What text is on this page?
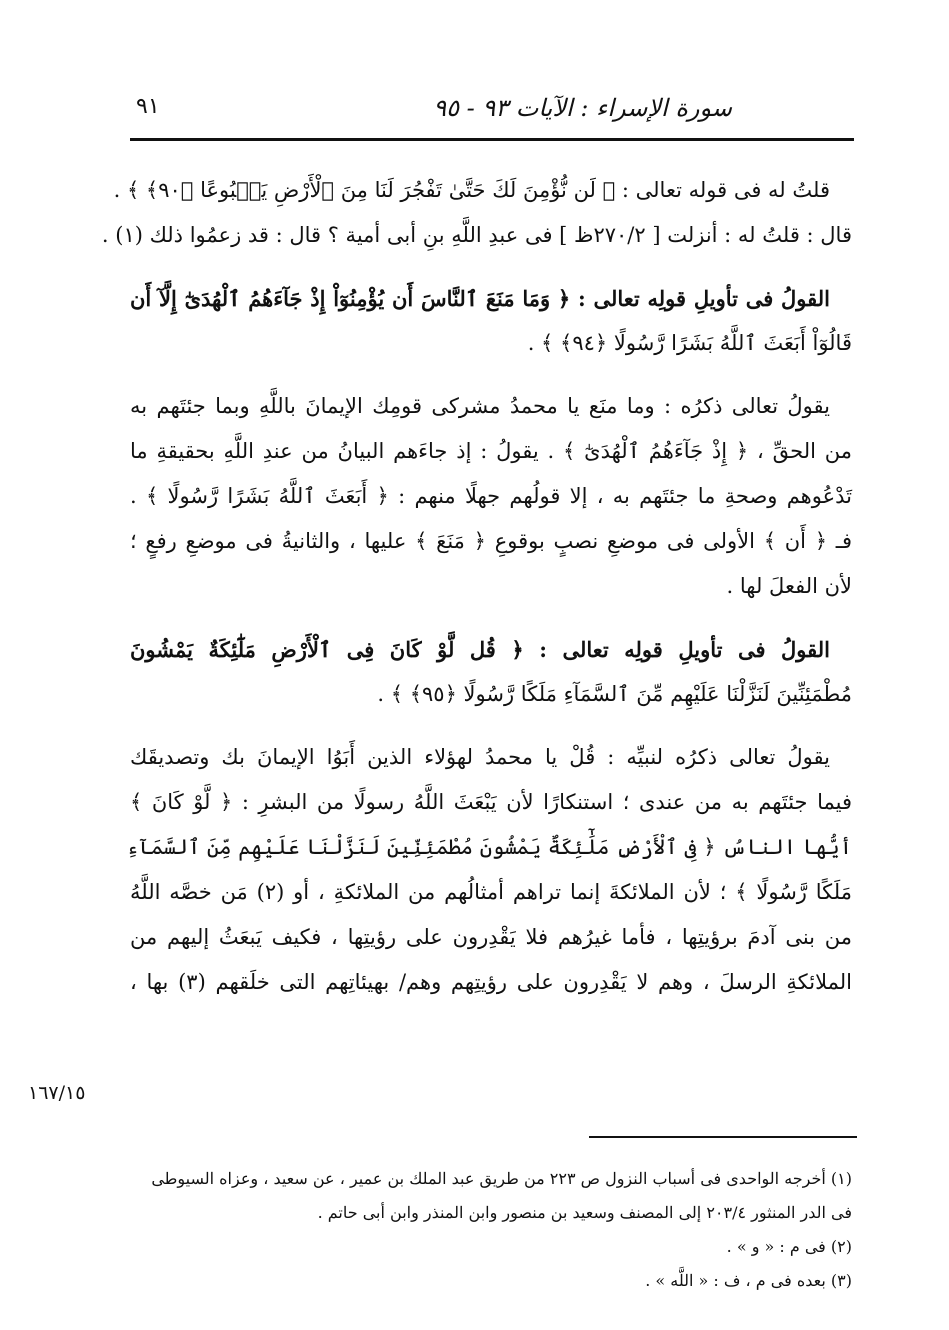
سورة الإسراء : الآيات ٩٣ - ٩٥
٩١
قلتُ له فى قوله تعالى : ﴿ لَن نُّؤْمِنَ لَكَ حَتَّىٰ تَفْجُرَ لَنَا مِنَ ٱلْأَرْضِ يَنۢبُوعًا ﴿٩٠﴾ ﴾ .
قال : قلتُ له : أنزلت [ ٢٧٠/٢ظ ] فى عبدِ اللَّهِ بنِ أبى أمية ؟ قال : قد زعمُوا ذلك (١) .
القولُ فى تأويلِ قولِه تعالى : ﴿ وَمَا مَنَعَ ٱلنَّاسَ أَن يُؤْمِنُوٓاْ إِذْ جَآءَهُمُ ٱلْهُدَىٰٓ إِلَّآ أَن
قَالُوٓاْ أَبَعَثَ ٱللَّهُ بَشَرًا رَّسُولًا ﴿٩٤﴾ ﴾ .
يقولُ تعالى ذكرُه : وما منَع يا محمدُ مشركى قومِك الإيمانَ باللَّهِ وبما جئتَهم به
من الحقِّ ، ﴿ إِذْ جَآءَهُمُ ٱلْهُدَىٰٓ ﴾ . يقولُ : إذ جاءَهم البيانُ من عندِ اللَّهِ بحقيقةِ ما
تَدْعُوهم وصحةِ ما جئتَهم به ، إلا قولُهم جهلًا منهم : ﴿ أَبَعَثَ ٱللَّهُ بَشَرًا رَّسُولًا ﴾ .
فـ ﴿ أَن ﴾ الأولى فى موضعِ نصبٍ بوقوعِ ﴿ مَنَعَ ﴾ عليها ، والثانيةُ فى موضعِ رفعٍ ؛
لأن الفعلَ لها .
القولُ فى تأويلِ قولِه تعالى : ﴿ قُل لَّوْ كَانَ فِى ٱلْأَرْضِ مَلَٰٓئِكَةٌ يَمْشُونَ
مُطْمَئِنِّينَ لَنَزَّلْنَا عَلَيْهِم مِّنَ ٱلسَّمَآءِ مَلَكًا رَّسُولًا ﴿٩٥﴾ ﴾ .
يقولُ تعالى ذكرُه لنبيِّه : قُلْ يا محمدُ لهؤلاء الذين أَبَوُا الإيمانَ بك وتصديقَك
فيما جئتَهم به من عندى ؛ استنكارًا لأن يَبْعَثَ اللَّهُ رسولًا من البشرِ : ﴿ لَّوْ كَانَ ﴾
أيُّها الناسُ ﴿ فِى ٱلْأَرْضِ مَلَٰٓئِكَةٌ يَمْشُونَ مُطْمَئِنِّينَ لَنَزَّلْنَا عَلَيْهِم مِّنَ ٱلسَّمَآءِ
مَلَكًا رَّسُولًا ﴾ ؛ لأن الملائكةَ إنما تراهم أمثالُهم من الملائكةِ ، أو (٢) مَن خصَّه اللَّهُ
من بنى آدمَ برؤيتِها ، فأما غيرُهم فلا يَقْدِرون على رؤيتِها ، فكيف يَبعَثُ إليهم من
الملائكةِ الرسلَ ، وهم لا يَقْدِرون على رؤيتِهم وهم/ بهيئاتِهم التى خلَقهم (٣) بها ،
١٦٧/١٥
(١) أخرجه الواحدى فى أسباب النزول ص ٢٢٣ من طريق عبد الملك بن عمير ، عن سعيد ، وعزاه السيوطى
فى الدر المنثور ٢٠٣/٤ إلى المصنف وسعيد بن منصور وابن المنذر وابن أبى حاتم .
(٢) فى م : « و » .
(٣) بعده فى م ، ف : « اللَّه » .
